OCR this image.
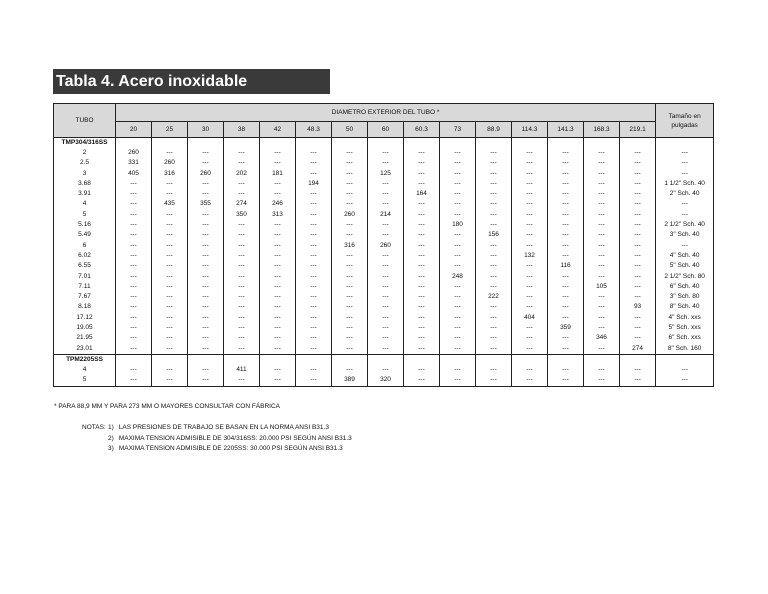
Tabla 4. Acero inoxidable
TUBO	DIAMETRO EXTERIOR DEL TUBO *															Tamaño en
pulgadas

	20	25	30	38	42	48.3	50	60	60.3	73	88.9	114.3	141.3	168.3	219.1	
TMP304/316SS																
2	260	---	---	---	---	---	---	---	---	---	---	---	---	---	---	---
2.5	331	260	---	---	---	---	---	---	---	---	---	---	---	---	---	---
3	405	316	260	202	181	---	---	125	---	---	---	---	---	---	---	---
3.68	---	---	---	---	---	194	---	---	---	---	---	---	---	---	---	1 1/2" Sch. 40
3.91	---	---	---	---	---	---	---	---	164	---	---	---	---	---	---	2" Sch. 40
4	---	435	355	274	246	---	---	---	---	---	---	---	---	---	---	---
5	---	---	---	350	313	---	260	214	---	---	---	---	---	---	---	---
5.16	---	---	---	---	---	---	---	---	---	180	---	---	---	---	---	2 1/2" Sch. 40
5.49	---	---	---	---	---	---	---	---	---	---	156	---	---	---	---	3" Sch. 40
6	---	---	---	---	---	---	316	260	---	---	---	---	---	---	---	---
6.02	---	---	---	---	---	---	---	---	---	---	---	132	---	---	---	4" Sch. 40
6.55	---	---	---	---	---	---	---	---	---	---	---	---	116	---	---	5" Sch. 40
7.01	---	---	---	---	---	---	---	---	---	248	---	---	---	---	---	2 1/2" Sch. 80
7.11	---	---	---	---	---	---	---	---	---	---	---	---	---	105	---	6" Sch. 40
7.67	---	---	---	---	---	---	---	---	---	---	222	---	---	---	---	3" Sch. 80
8.18	---	---	---	---	---	---	---	---	---	---	---	---	---	---	93	8" Sch. 40
17.12	---	---	---	---	---	---	---	---	---	---	---	404	---	---	---	4" Sch. xxs
19.05	---	---	---	---	---	---	---	---	---	---	---	---	359	---	---	5" Sch. xxs
21.95	---	---	---	---	---	---	---	---	---	---	---	---	---	346	---	6" Sch. xxs
23.01	---	---	---	---	---	---	---	---	---	---	---	---	---	---	274	8" Sch. 160
TPM2205SS																
4	---	---	---	411	---	---	---	---	---	---	---	---	---	---	---	---
5	---	---	---	---	---	---	389	320	---	---	---	---	---	---	---	---
* PARA 88,9 MM Y PARA 273 MM O MAYORES CONSULTAR CON FÁBRICA
NOTAS: 1) LAS PRESIONES DE TRABAJO SE BASAN EN LA NORMA ANSI B31.3
2) MAXIMA TENSION ADMISIBLE DE 304/316SS: 20.000 PSI SEGÚN ANSI B31.3
3) MAXIMA TENSION ADMISIBLE DE 2205SS: 30.000 PSI SEGÚN ANSI B31.3
